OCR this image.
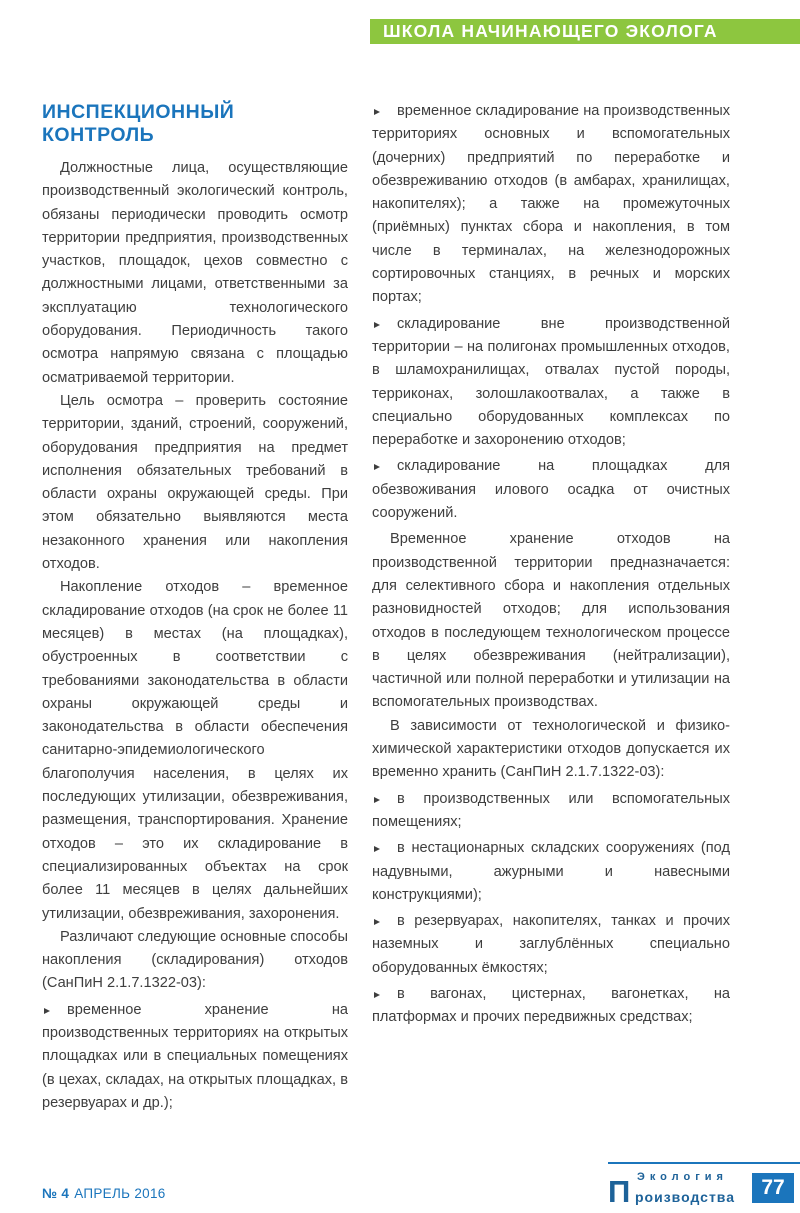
ШКОЛА НАЧИНАЮЩЕГО ЭКОЛОГА
ИНСПЕКЦИОННЫЙ КОНТРОЛЬ

Должностные лица, осуществляющие производственный экологический контроль, обязаны периодически проводить осмотр территории предприятия, производственных участков, площадок, цехов совместно с должностными лицами, ответственными за эксплуатацию технологического оборудования. Периодичность такого осмотра напрямую связана с площадью осматриваемой территории.

Цель осмотра – проверить состояние территории, зданий, строений, сооружений, оборудования предприятия на предмет исполнения обязательных требований в области охраны окружающей среды. При этом обязательно выявляются места незаконного хранения или накопления отходов.

Накопление отходов – временное складирование отходов (на срок не более 11 месяцев) в местах (на площадках), обустроенных в соответствии с требованиями законодательства в области охраны окружающей среды и законодательства в области обеспечения санитарно-эпидемиологического благополучия населения, в целях их последующих утилизации, обезвреживания, размещения, транспортирования. Хранение отходов – это их складирование в специализированных объектах на срок более 11 месяцев в целях дальнейших утилизации, обезвреживания, захоронения.

Различают следующие основные способы накопления (складирования) отходов (СанПиН 2.1.7.1322-03):

временное хранение на производственных территориях на открытых площадках или в специальных помещениях (в цехах, складах, на открытых площадках, в резервуарах и др.);

временное складирование на производственных территориях основных и вспомогательных (дочерних) предприятий по переработке и обезвреживанию отходов (в амбарах, хранилищах, накопителях); а также на промежуточных (приёмных) пунктах сбора и накопления, в том числе в терминалах, на железнодорожных сортировочных станциях, в речных и морских портах;

складирование вне производственной территории – на полигонах промышленных отходов, в шламохранилищах, отвалах пустой породы, терриконах, золошлакоотвалах, а также в специально оборудованных комплексах по переработке и захоронению отходов;

складирование на площадках для обезвоживания илового осадка от очистных сооружений.

Временное хранение отходов на производственной территории предназначается: для селективного сбора и накопления отдельных разновидностей отходов; для использования отходов в последующем технологическом процессе в целях обезвреживания (нейтрализации), частичной или полной переработки и утилизации на вспомогательных производствах.

В зависимости от технологической и физико-химической характеристики отходов допускается их временно хранить (СанПиН 2.1.7.1322-03):

в производственных или вспомогательных помещениях;

в нестационарных складских сооружениях (под надувными, ажурными и навесными конструкциями);

в резервуарах, накопителях, танках и прочих наземных и заглублённых специально оборудованных ёмкостях;

в вагонах, цистернах, вагонетках, на платформах и прочих передвижных средствах;

№ 4 АПРЕЛЬ 2016	П Экология
роизводства	77
